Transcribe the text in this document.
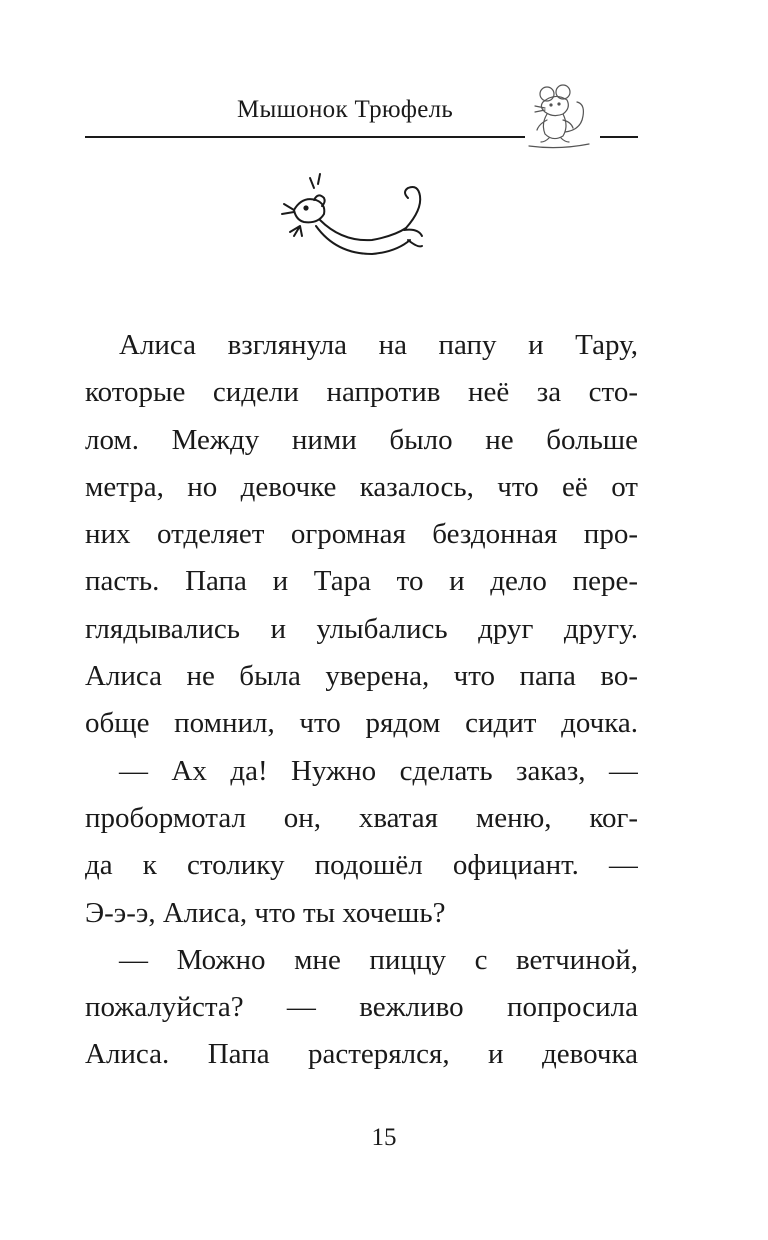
Мышонок Трюфель
Алиса взглянула на папу и Тару,
которые сидели напротив неё за сто-
лом. Между ними было не больше
метра, но девочке казалось, что её от
них отделяет огромная бездонная про-
пасть. Папа и Тара то и дело пере-
глядывались и улыбались друг другу.
Алиса не была уверена, что папа во-
обще помнил, что рядом сидит дочка.
— Ах да! Нужно сделать заказ, —
пробормотал он, хватая меню, ког-
да к столику подошёл официант. —
Э-э-э, Алиса, что ты хочешь?
— Можно мне пиццу с ветчиной,
пожалуйста? — вежливо попросила
Алиса. Папа растерялся, и девочка
15
